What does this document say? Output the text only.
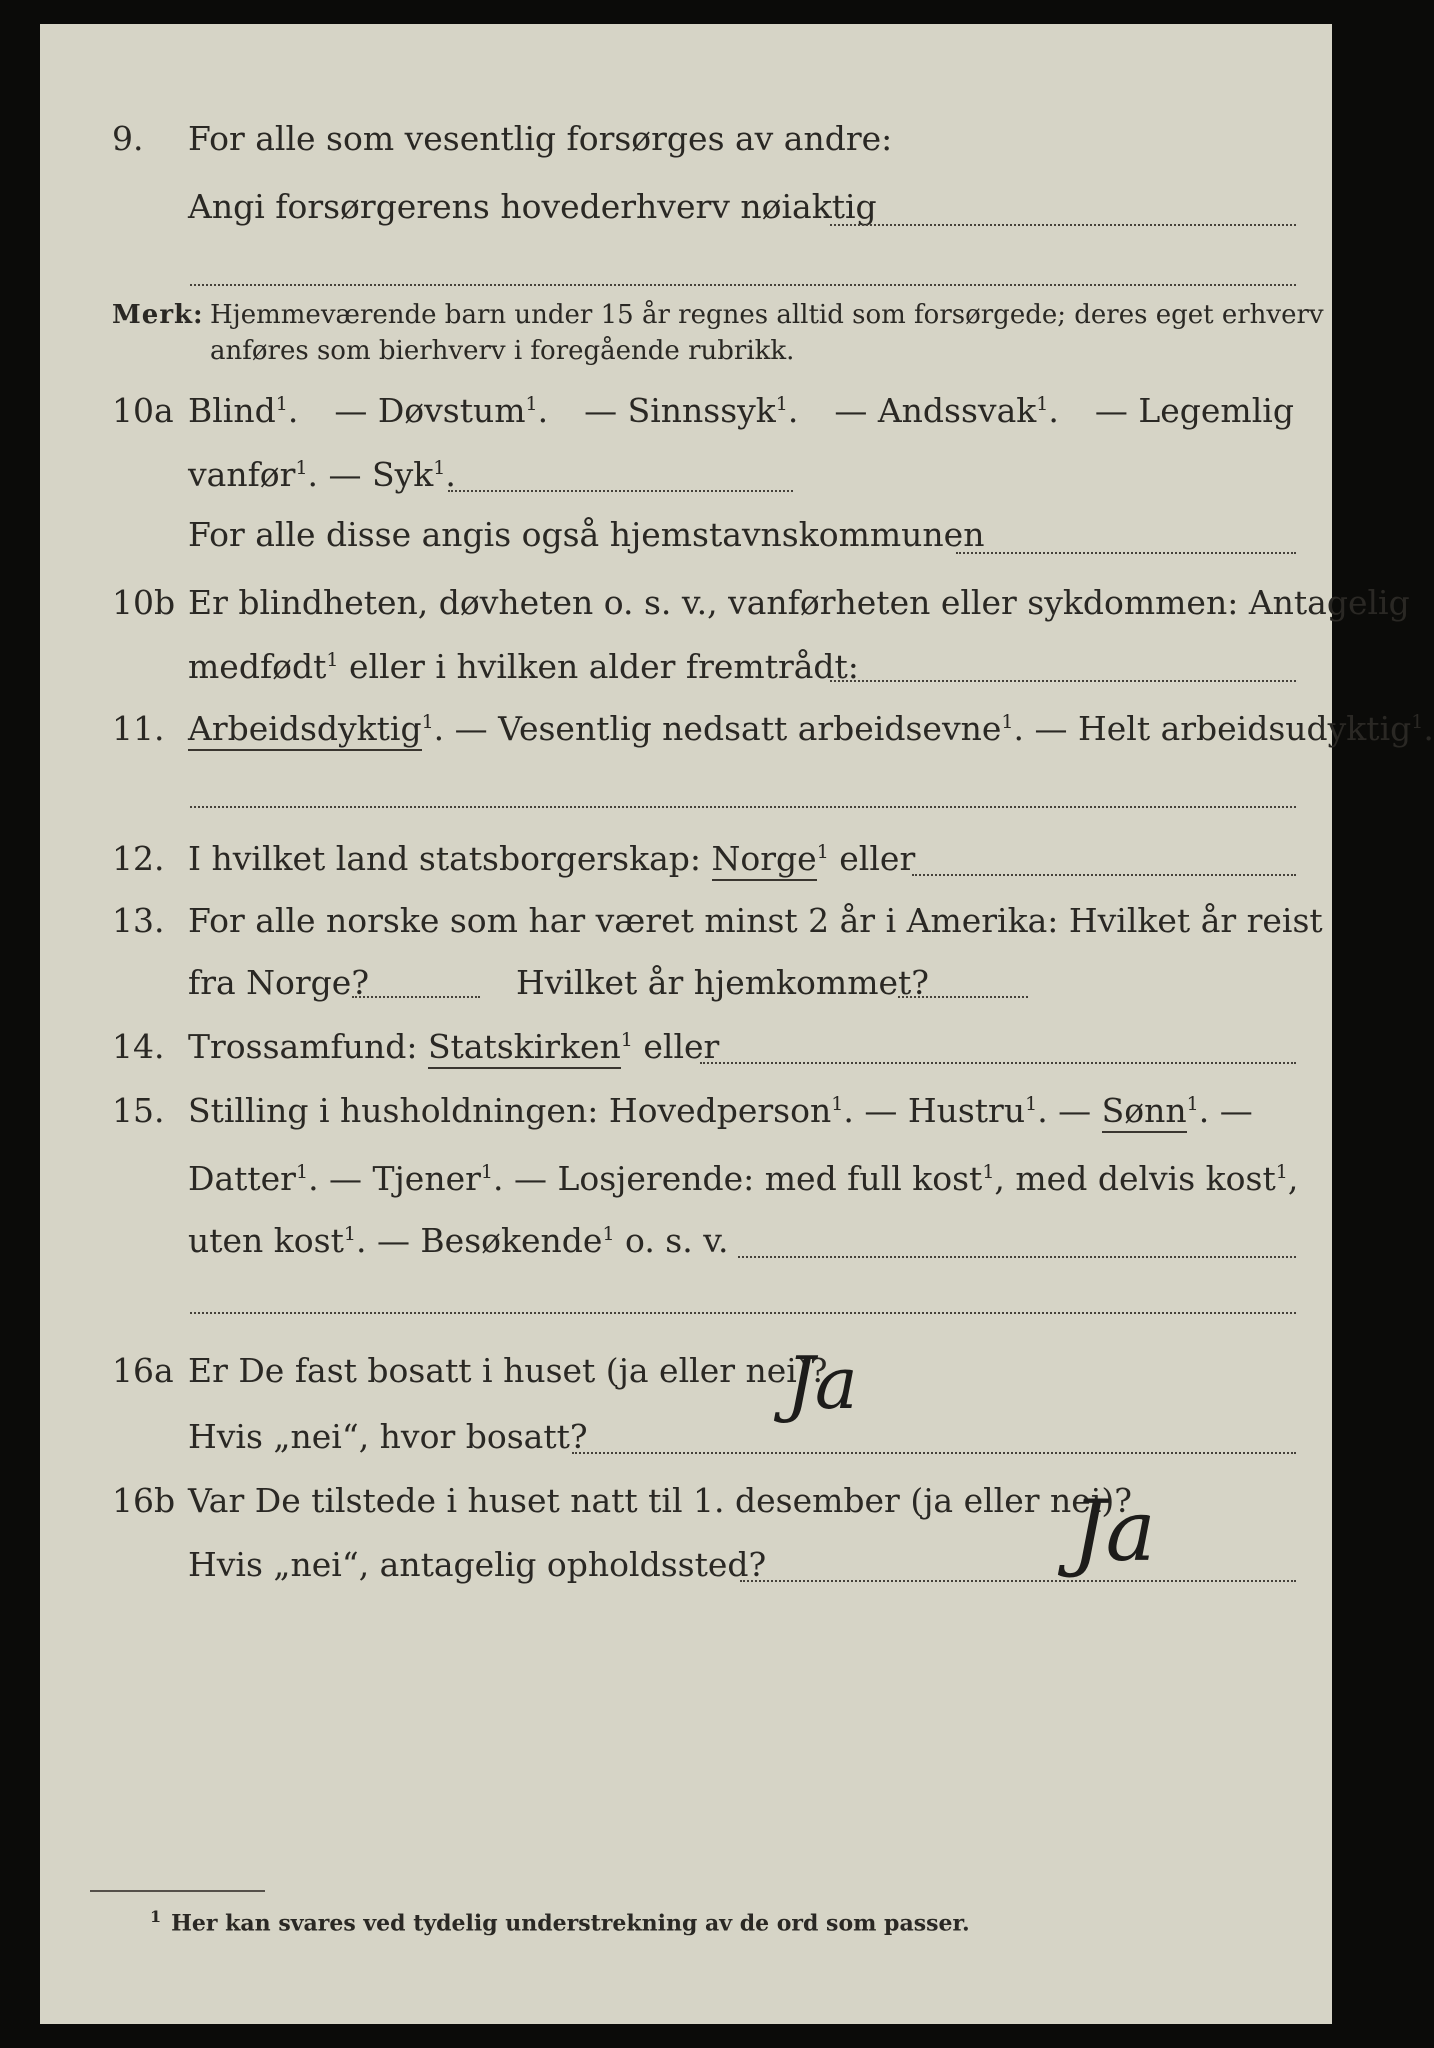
9. For alle som vesentlig forsørges av andre:
Angi forsørgerens hovederhverv nøiaktig
Merk: Hjemmeværende barn under 15 år regnes alltid som forsørgede; deres eget erhverv
anføres som bierhverv i foregående rubrikk.
10a Blind$^1$. — Døvstum$^1$. — Sinnssyk$^1$. — Andssvak$^1$. — Legemlig
vanfør$^1$. — Syk$^1$.
For alle disse angis også hjemstavnskommunen
10b Er blindheten, døvheten o. s. v., vanførheten eller sykdommen: Antagelig
medfødt$^1$ eller i hvilken alder fremtrådt:
11. Arbeidsdyktig$^1$. — Vesentlig nedsatt arbeidsevne$^1$. — Helt arbeidsudyktig$^1$.
12. I hvilket land statsborgerskap: Norge$^1$ eller
13. For alle norske som har været minst 2 år i Amerika: Hvilket år reist
fra Norge?	Hvilket år hjemkommet?
14. Trossamfund: Statskirken$^1$ eller
15. Stilling i husholdningen: Hovedperson$^1$. — Hustru$^1$. — Sønn$^1$. —
Datter$^1$. — Tjener$^1$. — Losjerende: med full kost$^1$, med delvis kost$^1$,
uten kost$^1$. — Besøkende$^1$ o. s. v.
16a Er De fast bosatt i huset (ja eller nei)?
Ja
Hvis „nei“, hvor bosatt?
16b Var De tilstede i huset natt til 1. desember (ja eller nei)?
Ja
Hvis „nei“, antagelig opholdssted?
$^1$ Her kan svares ved tydelig understrekning av de ord som passer.
